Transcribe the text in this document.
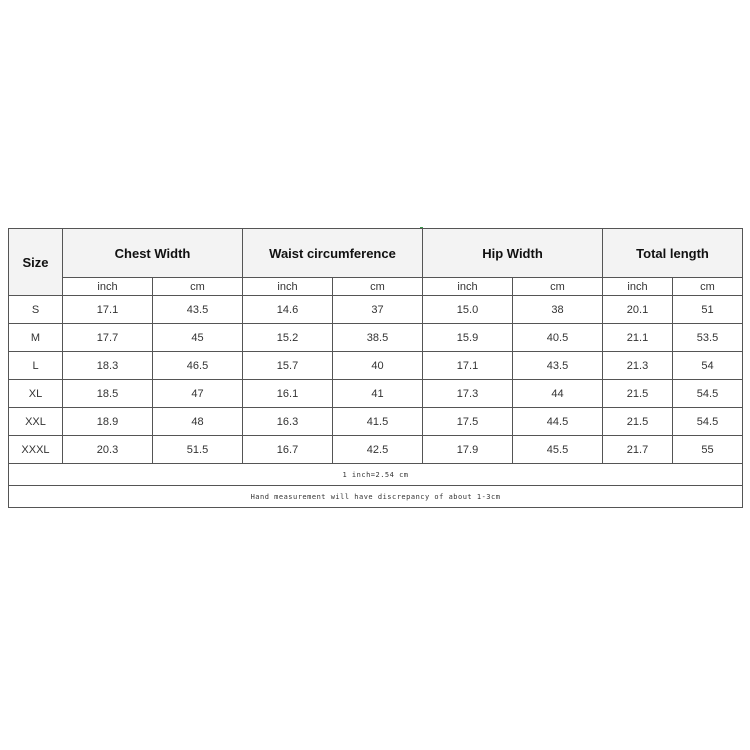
Size	Chest Width		Waist circumference		Hip Width		Total length	
	inch	cm	inch	cm	inch	cm	inch	cm
S	17.1	43.5	14.6	37	15.0	38	20.1	51
M	17.7	45	15.2	38.5	15.9	40.5	21.1	53.5
L	18.3	46.5	15.7	40	17.1	43.5	21.3	54
XL	18.5	47	16.1	41	17.3	44	21.5	54.5
XXL	18.9	48	16.3	41.5	17.5	44.5	21.5	54.5
XXXL	20.3	51.5	16.7	42.5	17.9	45.5	21.7	55
1 inch=2.54 cm								
Hand measurement will have discrepancy of about 1-3cm								
